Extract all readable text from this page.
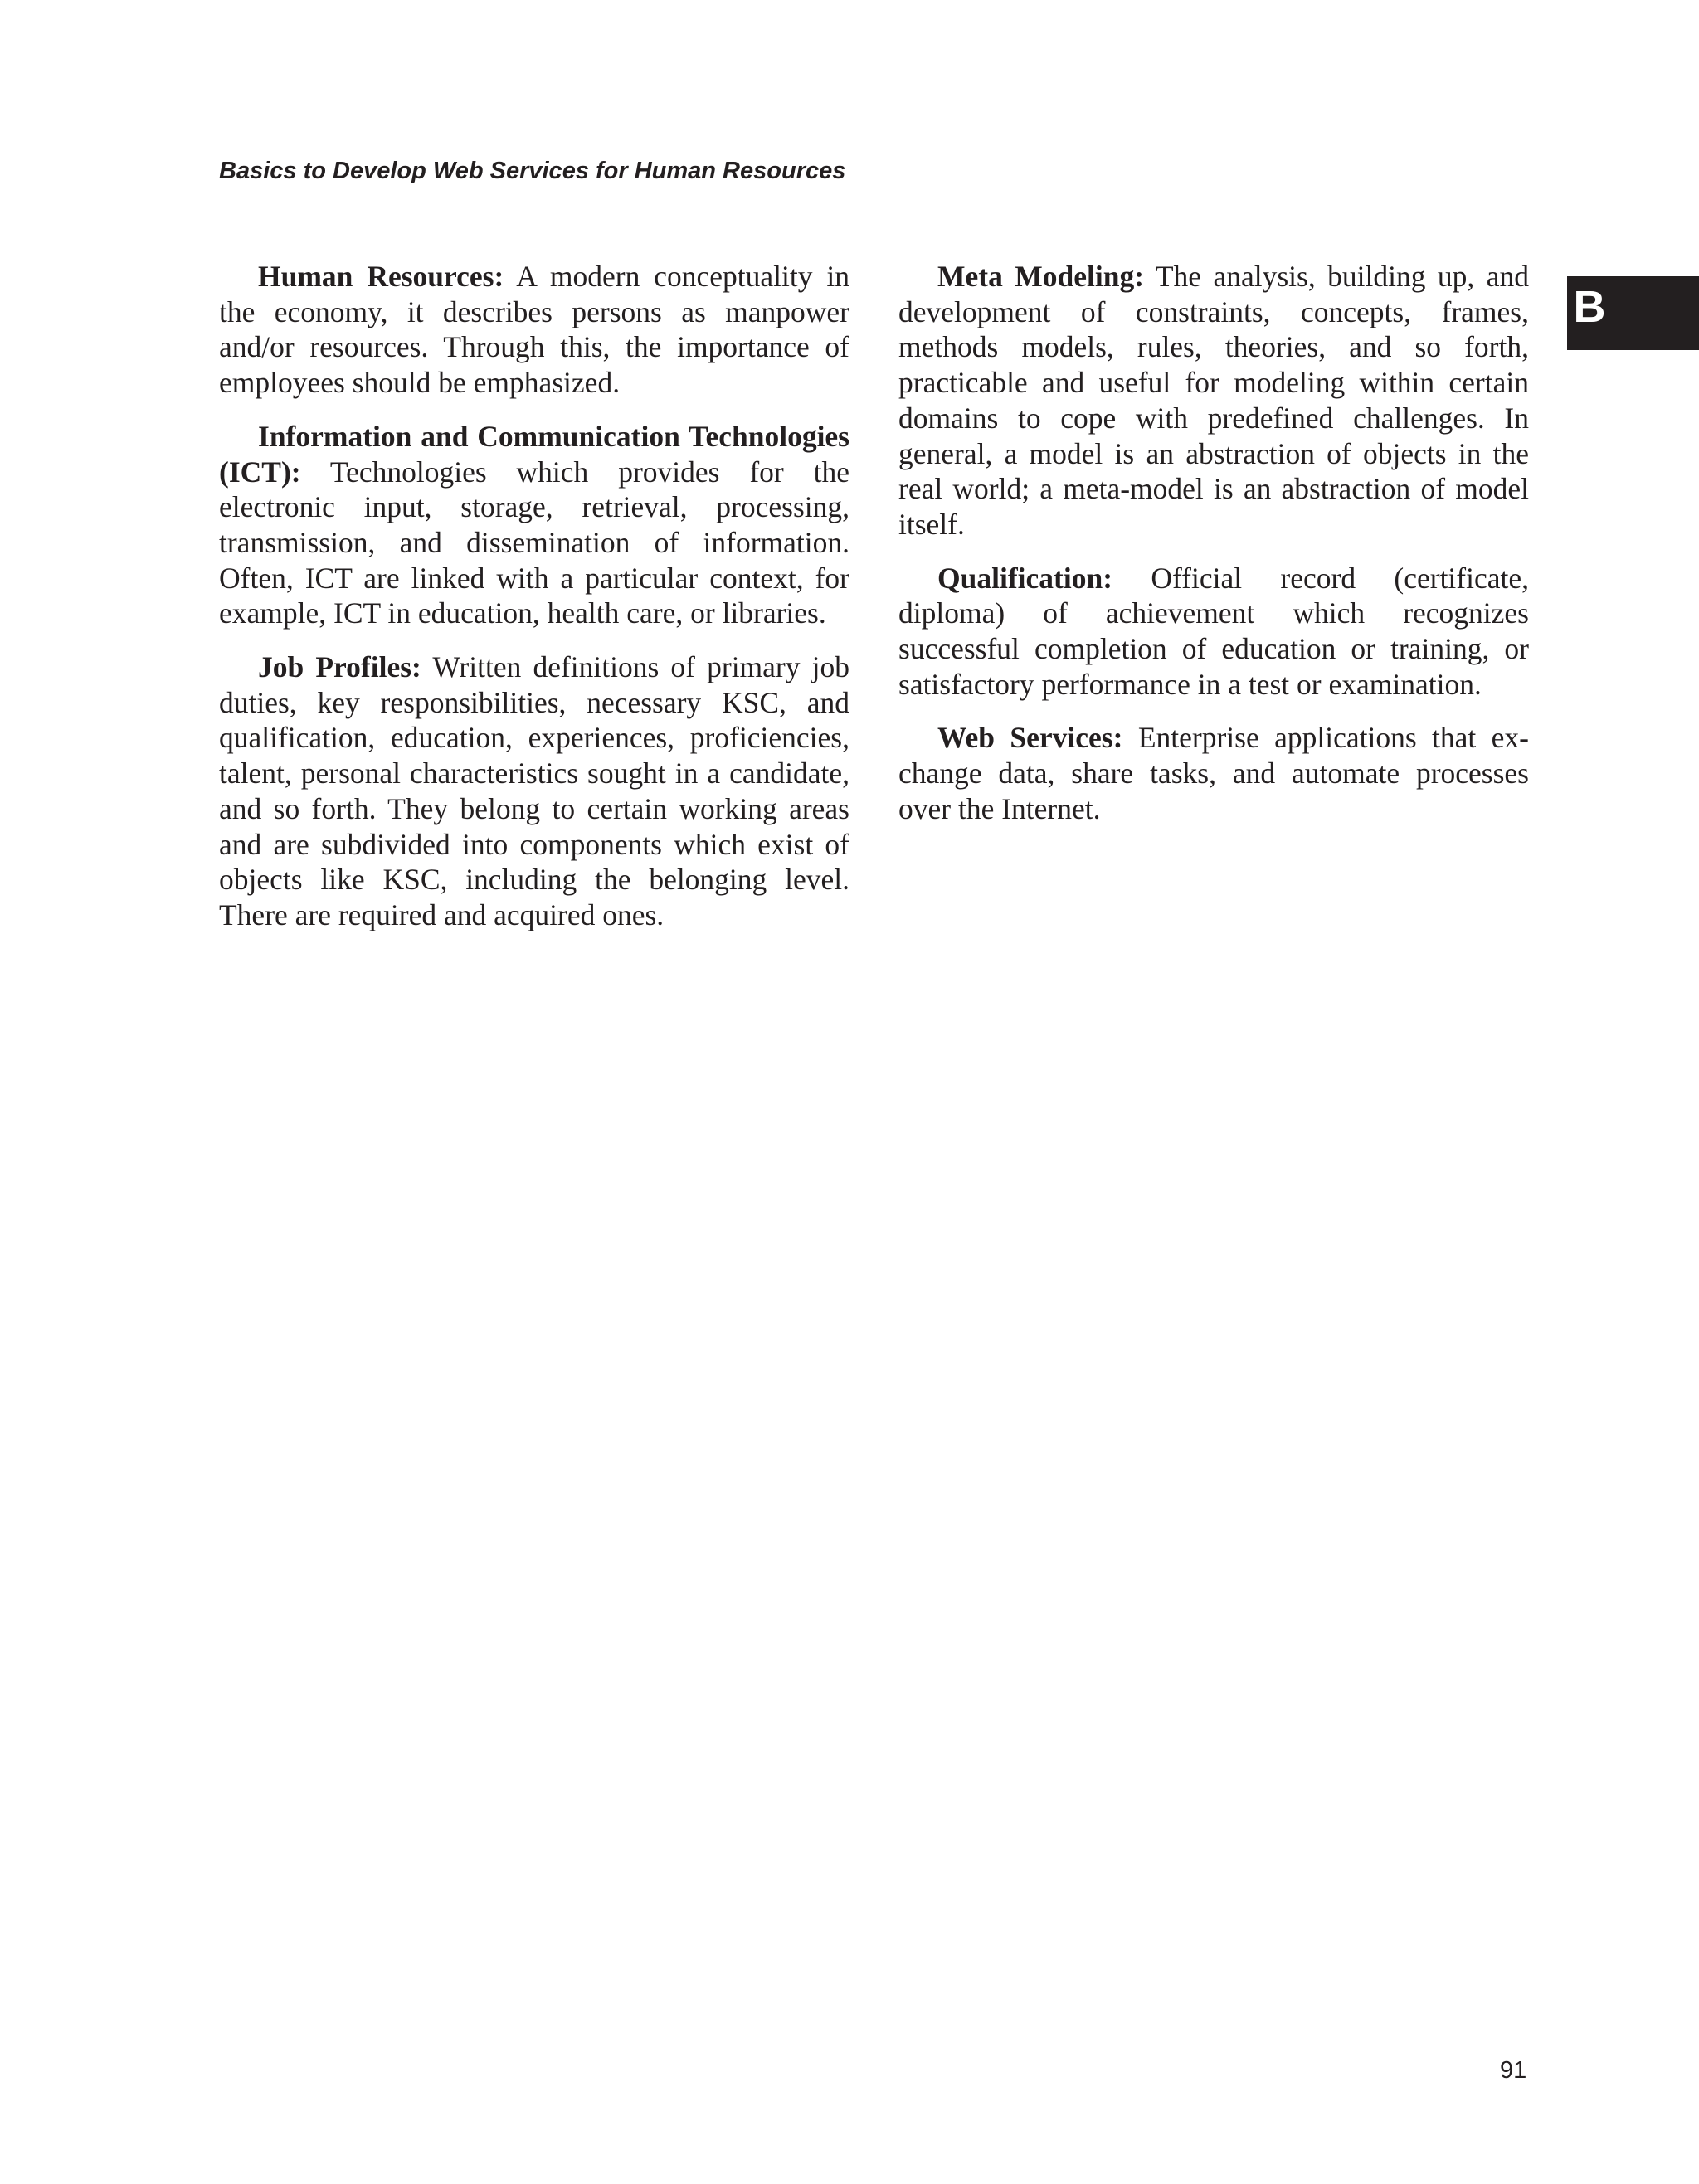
Basics to Develop Web Services for Human Resources
B

Human Resources: A modern conceptuality in the economy, it describes persons as manpower and/or resources. Through this, the importance of employees should be emphasized.

Information and Communication Technologies (ICT): Technologies which provides for the electronic input, storage, retrieval, processing, transmission, and dissemination of information. Often, ICT are linked with a particular context, for example, ICT in education, health care, or libraries.

Job Profiles: Written definitions of primary job duties, key responsibilities, necessary KSC, and qualification, education, experiences, proficiencies, talent, personal characteristics sought in a candidate, and so forth. They belong to certain working areas and are subdivided into components which exist of objects like KSC, including the belonging level. There are required and acquired ones.

Meta Modeling: The analysis, building up, and development of constraints, concepts, frames, methods models, rules, theories, and so forth, practicable and useful for modeling within certain domains to cope with predefined challenges. In general, a model is an abstraction of objects in the real world; a meta-model is an abstraction of model itself.

Qualification: Official record (certificate, diploma) of achievement which recognizes successful completion of education or training, or satisfactory performance in a test or examination.

Web Services: Enterprise applications that exchange data, share tasks, and automate processes over the Internet.

91
